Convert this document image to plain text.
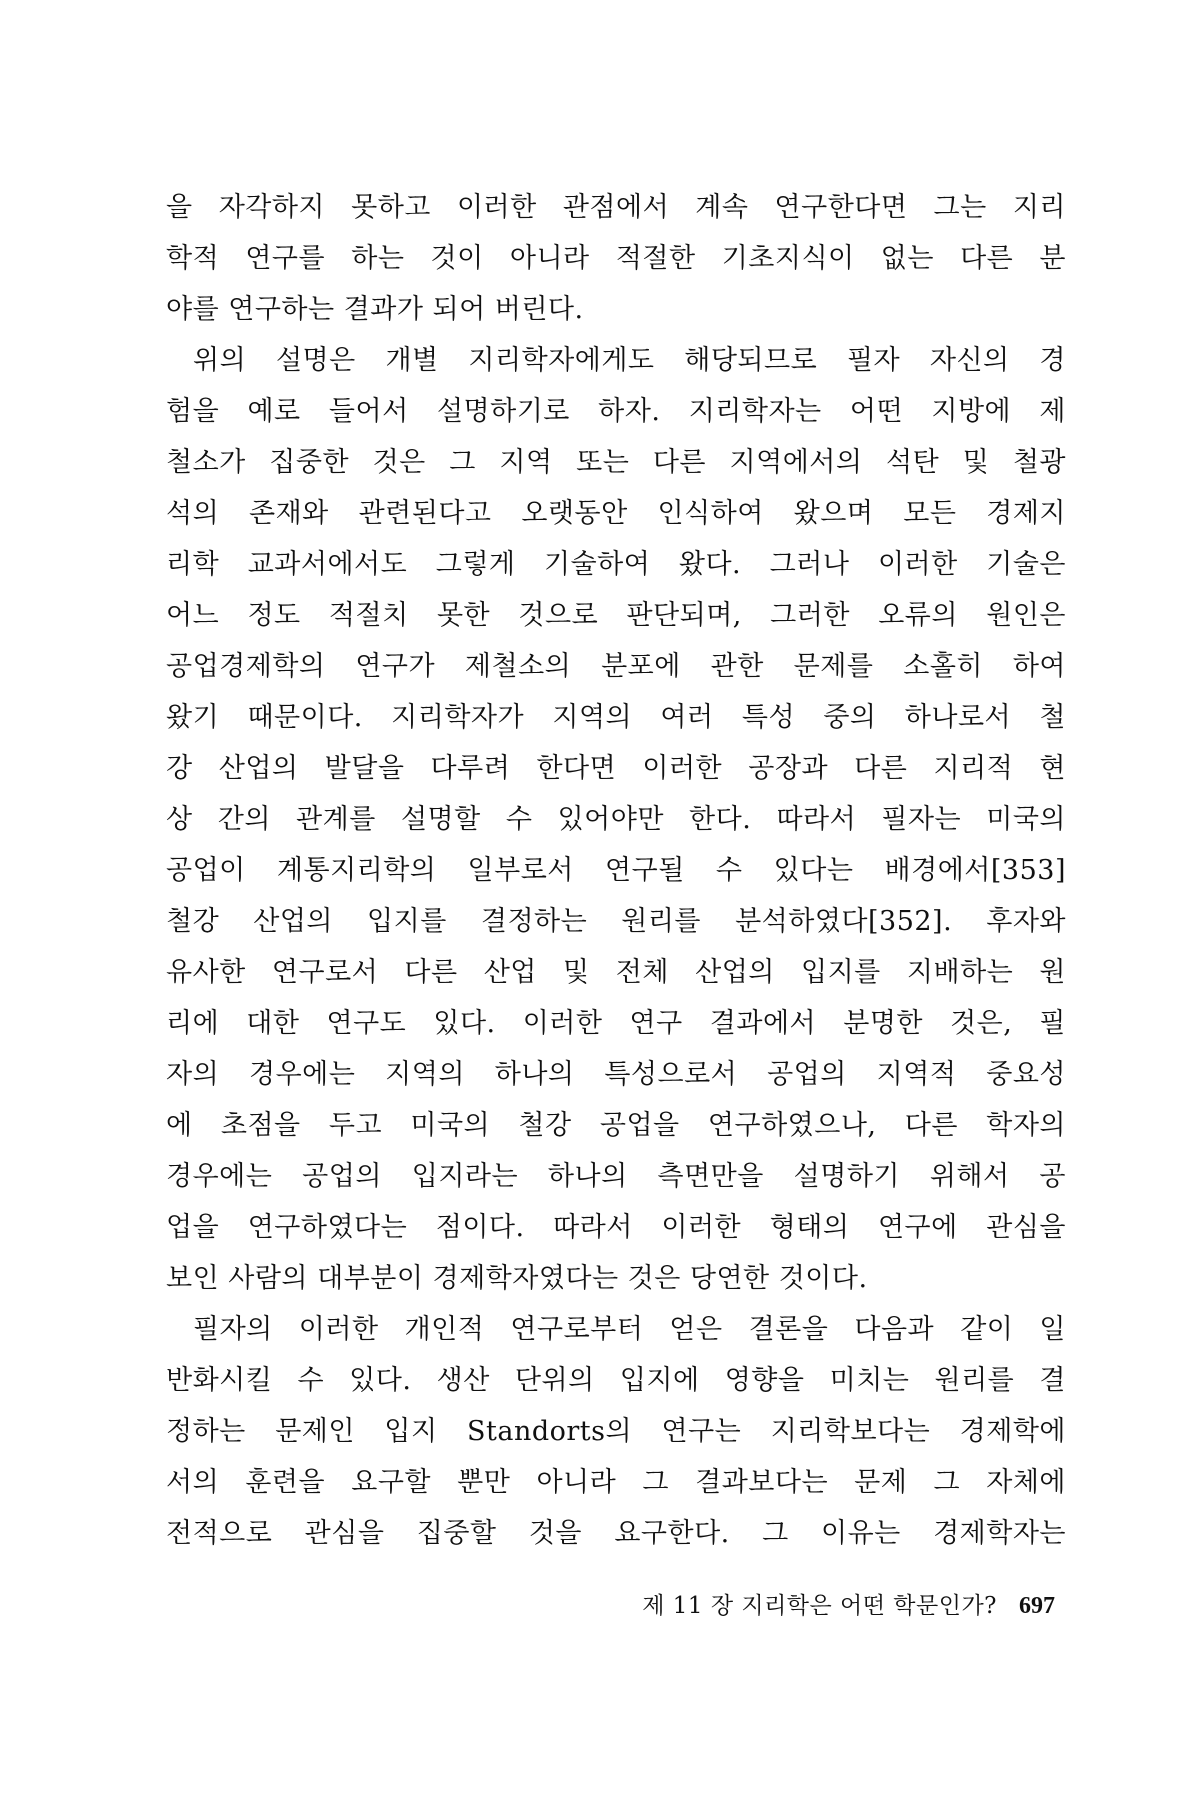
을 자각하지 못하고 이러한 관점에서 계속 연구한다면 그는 지리
학적 연구를 하는 것이 아니라 적절한 기초지식이 없는 다른 분
야를 연구하는 결과가 되어 버린다.
위의 설명은 개별 지리학자에게도 해당되므로 필자 자신의 경
험을 예로 들어서 설명하기로 하자. 지리학자는 어떤 지방에 제
철소가 집중한 것은 그 지역 또는 다른 지역에서의 석탄 및 철광
석의 존재와 관련된다고 오랫동안 인식하여 왔으며 모든 경제지
리학 교과서에서도 그렇게 기술하여 왔다. 그러나 이러한 기술은
어느 정도 적절치 못한 것으로 판단되며, 그러한 오류의 원인은
공업경제학의 연구가 제철소의 분포에 관한 문제를 소홀히 하여
왔기 때문이다. 지리학자가 지역의 여러 특성 중의 하나로서 철
강 산업의 발달을 다루려 한다면 이러한 공장과 다른 지리적 현
상 간의 관계를 설명할 수 있어야만 한다. 따라서 필자는 미국의
공업이 계통지리학의 일부로서 연구될 수 있다는 배경에서[353]
철강 산업의 입지를 결정하는 원리를 분석하였다[352]. 후자와
유사한 연구로서 다른 산업 및 전체 산업의 입지를 지배하는 원
리에 대한 연구도 있다. 이러한 연구 결과에서 분명한 것은, 필
자의 경우에는 지역의 하나의 특성으로서 공업의 지역적 중요성
에 초점을 두고 미국의 철강 공업을 연구하였으나, 다른 학자의
경우에는 공업의 입지라는 하나의 측면만을 설명하기 위해서 공
업을 연구하였다는 점이다. 따라서 이러한 형태의 연구에 관심을
보인 사람의 대부분이 경제학자였다는 것은 당연한 것이다.
필자의 이러한 개인적 연구로부터 얻은 결론을 다음과 같이 일
반화시킬 수 있다. 생산 단위의 입지에 영향을 미치는 원리를 결
정하는 문제인 입지 Standorts의 연구는 지리학보다는 경제학에
서의 훈련을 요구할 뿐만 아니라 그 결과보다는 문제 그 자체에
전적으로 관심을 집중할 것을 요구한다. 그 이유는 경제학자는
제 11 장 지리학은 어떤 학문인가? 697
